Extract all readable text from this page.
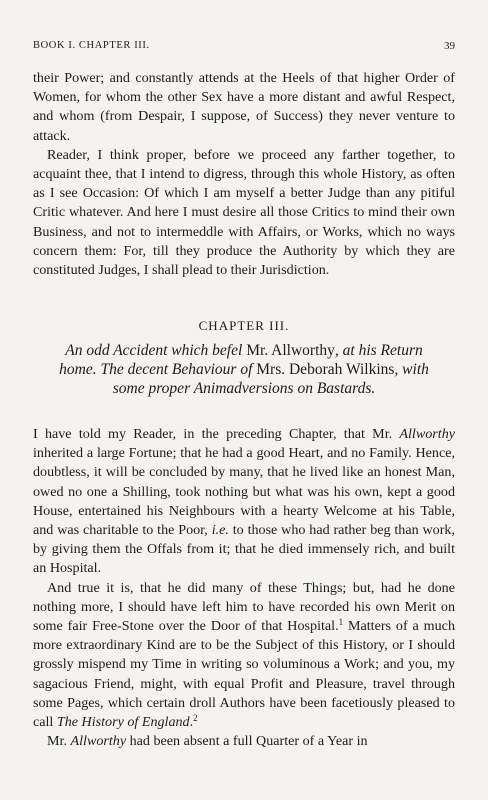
BOOK I. CHAPTER III.	39

their Power; and constantly attends at the Heels of that higher Order of Women, for whom the other Sex have a more distant and awful Respect, and whom (from Despair, I suppose, of Success) they never venture to attack.

Reader, I think proper, before we proceed any farther together, to acquaint thee, that I intend to digress, through this whole History, as often as I see Occasion: Of which I am myself a better Judge than any pitiful Critic whatever. And here I must desire all those Critics to mind their own Business, and not to intermeddle with Affairs, or Works, which no ways concern them: For, till they produce the Authority by which they are constituted Judges, I shall plead to their Jurisdiction.

CHAPTER III.
An odd Accident which befel Mr. Allworthy, at his Return home. The decent Behaviour of Mrs. Deborah Wilkins, with some proper Animadversions on Bastards.

I have told my Reader, in the preceding Chapter, that Mr. Allworthy inherited a large Fortune; that he had a good Heart, and no Family. Hence, doubtless, it will be concluded by many, that he lived like an honest Man, owed no one a Shilling, took nothing but what was his own, kept a good House, entertained his Neighbours with a hearty Welcome at his Table, and was charitable to the Poor, i.e. to those who had rather beg than work, by giving them the Offals from it; that he died immensely rich, and built an Hospital.

And true it is, that he did many of these Things; but, had he done nothing more, I should have left him to have recorded his own Merit on some fair Free-Stone over the Door of that Hospital.$^1$ Matters of a much more extraordinary Kind are to be the Subject of this History, or I should grossly mispend my Time in writing so voluminous a Work; and you, my sagacious Friend, might, with equal Profit and Pleasure, travel through some Pages, which certain droll Authors have been facetiously pleased to call The History of England.$^2$

Mr. Allworthy had been absent a full Quarter of a Year in
